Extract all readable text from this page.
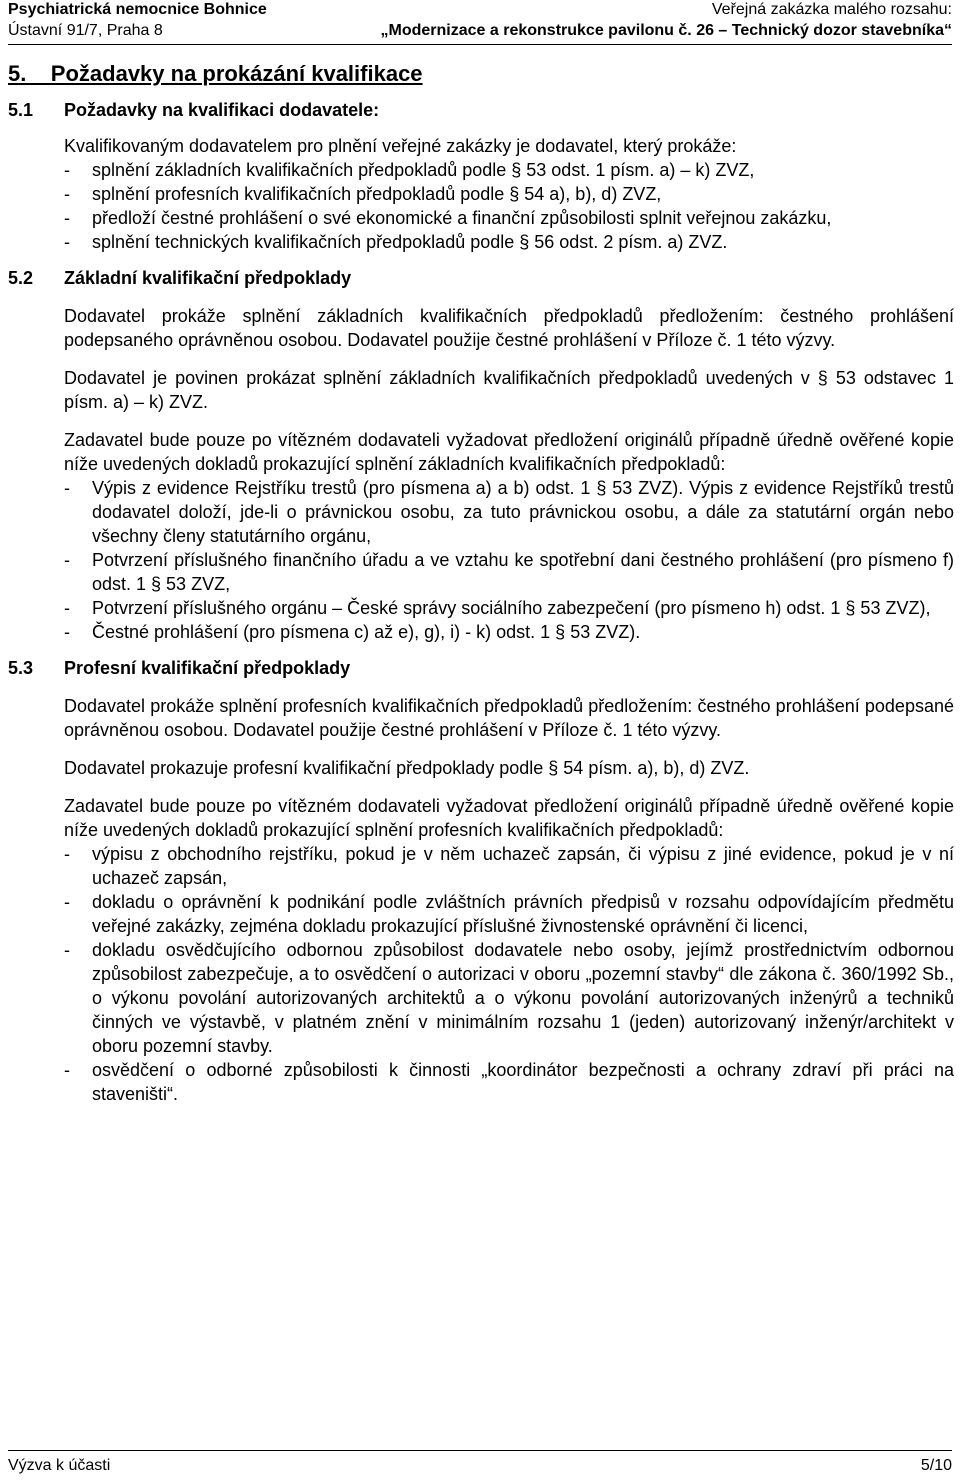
Psychiatrická nemocnice Bohnice
Ústavní 91/7, Praha 8
Veřejná zakázka malého rozsahu:
„Modernizace a rekonstrukce pavilonu č. 26 – Technický dozor stavebníka“
5.    Požadavky na prokázání kvalifikace
5.1 Požadavky na kvalifikaci dodavatele:

Kvalifikovaným dodavatelem pro plnění veřejné zakázky je dodavatel, který prokáže:

- splnění základních kvalifikačních předpokladů podle § 53 odst. 1 písm. a) – k) ZVZ,
- splnění profesních kvalifikačních předpokladů podle § 54 a), b), d) ZVZ,
- předloží čestné prohlášení o své ekonomické a finanční způsobilosti splnit veřejnou zakázku,
- splnění technických kvalifikačních předpokladů podle § 56 odst. 2 písm. a) ZVZ.
5.2 Základní kvalifikační předpoklady

Dodavatel prokáže splnění základních kvalifikačních předpokladů předložením: čestného prohlášení podepsaného oprávněnou osobou. Dodavatel použije čestné prohlášení v Příloze č. 1 této výzvy.

Dodavatel je povinen prokázat splnění základních kvalifikačních předpokladů uvedených v § 53 odstavec 1 písm. a) – k) ZVZ.

Zadavatel bude pouze po vítězném dodavateli vyžadovat předložení originálů případně úředně ověřené kopie níže uvedených dokladů prokazující splnění základních kvalifikačních předpokladů:

- Výpis z evidence Rejstříku trestů (pro písmena a) a b) odst. 1 § 53 ZVZ). Výpis z evidence Rejstříků trestů dodavatel doloží, jde-li o právnickou osobu, za tuto právnickou osobu, a dále za statutární orgán nebo všechny členy statutárního orgánu,
- Potvrzení příslušného finančního úřadu a ve vztahu ke spotřební dani čestného prohlášení (pro písmeno f) odst. 1 § 53 ZVZ,
- Potvrzení příslušného orgánu – České správy sociálního zabezpečení (pro písmeno h) odst. 1 § 53 ZVZ),
- Čestné prohlášení (pro písmena c) až e), g), i) - k) odst. 1 § 53 ZVZ).
5.3 Profesní kvalifikační předpoklady

Dodavatel prokáže splnění profesních kvalifikačních předpokladů předložením: čestného prohlášení podepsané oprávněnou osobou. Dodavatel použije čestné prohlášení v Příloze č. 1 této výzvy.

Dodavatel prokazuje profesní kvalifikační předpoklady podle § 54 písm. a), b), d) ZVZ.

Zadavatel bude pouze po vítězném dodavateli vyžadovat předložení originálů případně úředně ověřené kopie níže uvedených dokladů prokazující splnění profesních kvalifikačních předpokladů:

- výpisu z obchodního rejstříku, pokud je v něm uchazeč zapsán, či výpisu z jiné evidence, pokud je v ní uchazeč zapsán,
- dokladu o oprávnění k podnikání podle zvláštních právních předpisů v rozsahu odpovídajícím předmětu veřejné zakázky, zejména dokladu prokazující příslušné živnostenské oprávnění či licenci,
- dokladu osvědčujícího odbornou způsobilost dodavatele nebo osoby, jejímž prostřednictvím odbornou způsobilost zabezpečuje, a to osvědčení o autorizaci v oboru „pozemní stavby“ dle zákona č. 360/1992 Sb., o výkonu povolání autorizovaných architektů a o výkonu povolání autorizovaných inženýrů a techniků činných ve výstavbě, v platném znění v minimálním rozsahu 1 (jeden) autorizovaný inženýr/architekt v oboru pozemní stavby.
- osvědčení o odborné způsobilosti k činnosti „koordinátor bezpečnosti a ochrany zdraví při práci na staveništi“.
Výzva k účasti	5/10
